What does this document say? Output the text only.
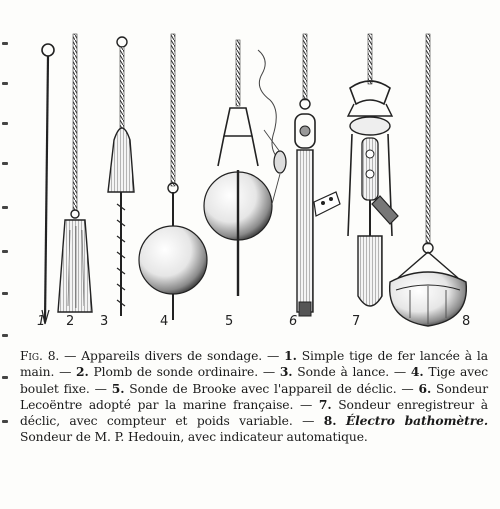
1 2 3	4	5	6	7	8
Fig. 8. — Appareils divers de sondage. — 1. Simple tige de fer lancée à la main. — 2. Plomb de sonde ordinaire. — 3. Sonde à lance. — 4. Tige avec boulet fixe. — 5. Sonde de Brooke avec l'appareil de déclic. — 6. Sondeur Lecoëntre adopté par la marine française. — 7. Sondeur enregistreur à déclic, avec compteur et poids variable. — 8. Électro bathomètre. Sondeur de M. P. Hedouin, avec indicateur automatique.
